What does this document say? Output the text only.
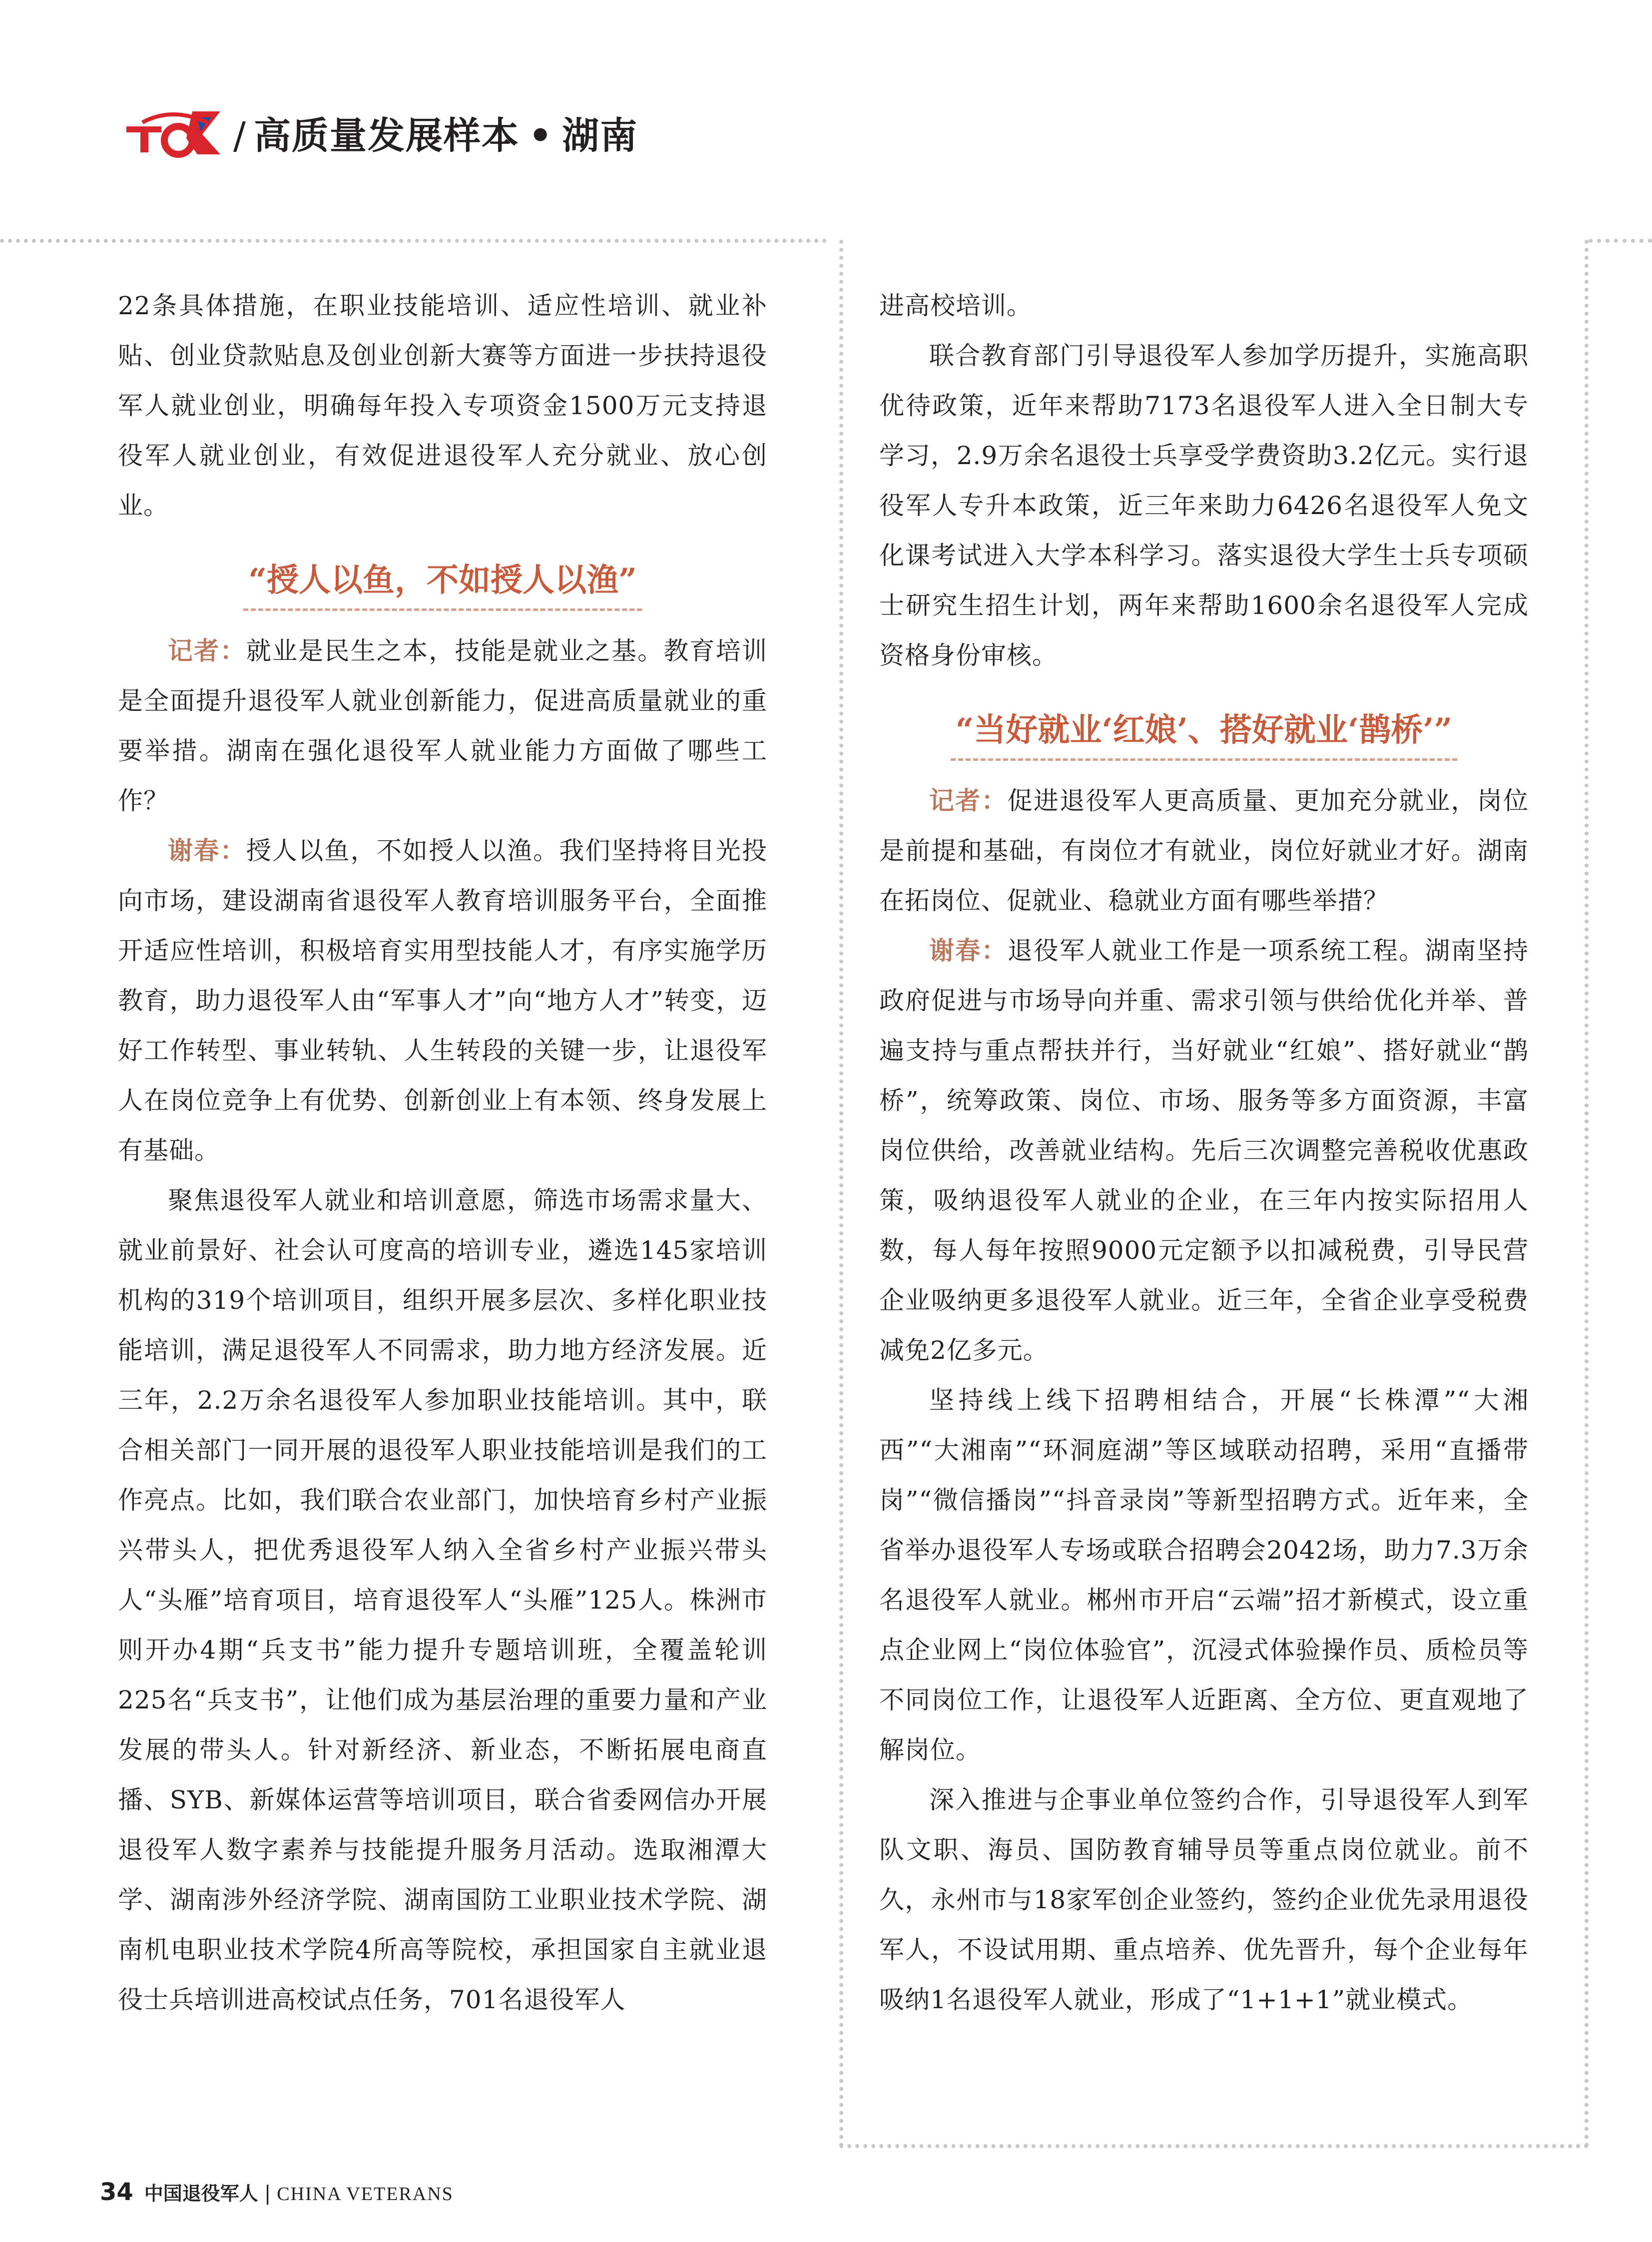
/ 高质量发展样本 • 湖南

22条具体措施，在职业技能培训、适应性培训、就业补贴、创业贷款贴息及创业创新大赛等方面进一步扶持退役军人就业创业，明确每年投入专项资金1500万元支持退役军人就业创业，有效促进退役军人充分就业、放心创业。

“授人以鱼，不如授人以渔”

记者：就业是民生之本，技能是就业之基。教育培训是全面提升退役军人就业创新能力，促进高质量就业的重要举措。湖南在强化退役军人就业能力方面做了哪些工作？

谢春：授人以鱼，不如授人以渔。我们坚持将目光投向市场，建设湖南省退役军人教育培训服务平台，全面推开适应性培训，积极培育实用型技能人才，有序实施学历教育，助力退役军人由“军事人才”向“地方人才”转变，迈好工作转型、事业转轨、人生转段的关键一步，让退役军人在岗位竞争上有优势、创新创业上有本领、终身发展上有基础。

聚焦退役军人就业和培训意愿，筛选市场需求量大、就业前景好、社会认可度高的培训专业，遴选145家培训机构的319个培训项目，组织开展多层次、多样化职业技能培训，满足退役军人不同需求，助力地方经济发展。近三年，2.2万余名退役军人参加职业技能培训。其中，联合相关部门一同开展的退役军人职业技能培训是我们的工作亮点。比如，我们联合农业部门，加快培育乡村产业振兴带头人，把优秀退役军人纳入全省乡村产业振兴带头人“头雁”培育项目，培育退役军人“头雁”125人。株洲市则开办4期“兵支书”能力提升专题培训班，全覆盖轮训225名“兵支书”，让他们成为基层治理的重要力量和产业发展的带头人。针对新经济、新业态，不断拓展电商直播、SYB、新媒体运营等培训项目，联合省委网信办开展退役军人数字素养与技能提升服务月活动。选取湘潭大学、湖南涉外经济学院、湖南国防工业职业技术学院、湖南机电职业技术学院4所高等院校，承担国家自主就业退役士兵培训进高校试点任务，701名退役军人

进高校培训。

联合教育部门引导退役军人参加学历提升，实施高职优待政策，近年来帮助7173名退役军人进入全日制大专学习，2.9万余名退役士兵享受学费资助3.2亿元。实行退役军人专升本政策，近三年来助力6426名退役军人免文化课考试进入大学本科学习。落实退役大学生士兵专项硕士研究生招生计划，两年来帮助1600余名退役军人完成资格身份审核。

“当好就业‘红娘’、搭好就业‘鹊桥’”

记者：促进退役军人更高质量、更加充分就业，岗位是前提和基础，有岗位才有就业，岗位好就业才好。湖南在拓岗位、促就业、稳就业方面有哪些举措？

谢春：退役军人就业工作是一项系统工程。湖南坚持政府促进与市场导向并重、需求引领与供给优化并举、普遍支持与重点帮扶并行，当好就业“红娘”、搭好就业“鹊桥”，统筹政策、岗位、市场、服务等多方面资源，丰富岗位供给，改善就业结构。先后三次调整完善税收优惠政策，吸纳退役军人就业的企业，在三年内按实际招用人数，每人每年按照9000元定额予以扣减税费，引导民营企业吸纳更多退役军人就业。近三年，全省企业享受税费减免2亿多元。

坚持线上线下招聘相结合，开展“长株潭”“大湘西”“大湘南”“环洞庭湖”等区域联动招聘，采用“直播带岗”“微信播岗”“抖音录岗”等新型招聘方式。近年来，全省举办退役军人专场或联合招聘会2042场，助力7.3万余名退役军人就业。郴州市开启“云端”招才新模式，设立重点企业网上“岗位体验官”，沉浸式体验操作员、质检员等不同岗位工作，让退役军人近距离、全方位、更直观地了解岗位。

深入推进与企事业单位签约合作，引导退役军人到军队文职、海员、国防教育辅导员等重点岗位就业。前不久，永州市与18家军创企业签约，签约企业优先录用退役军人，不设试用期、重点培养、优先晋升，每个企业每年吸纳1名退役军人就业，形成了“1+1+1”就业模式。

34 中国退役军人 | CHINA VETERANS
